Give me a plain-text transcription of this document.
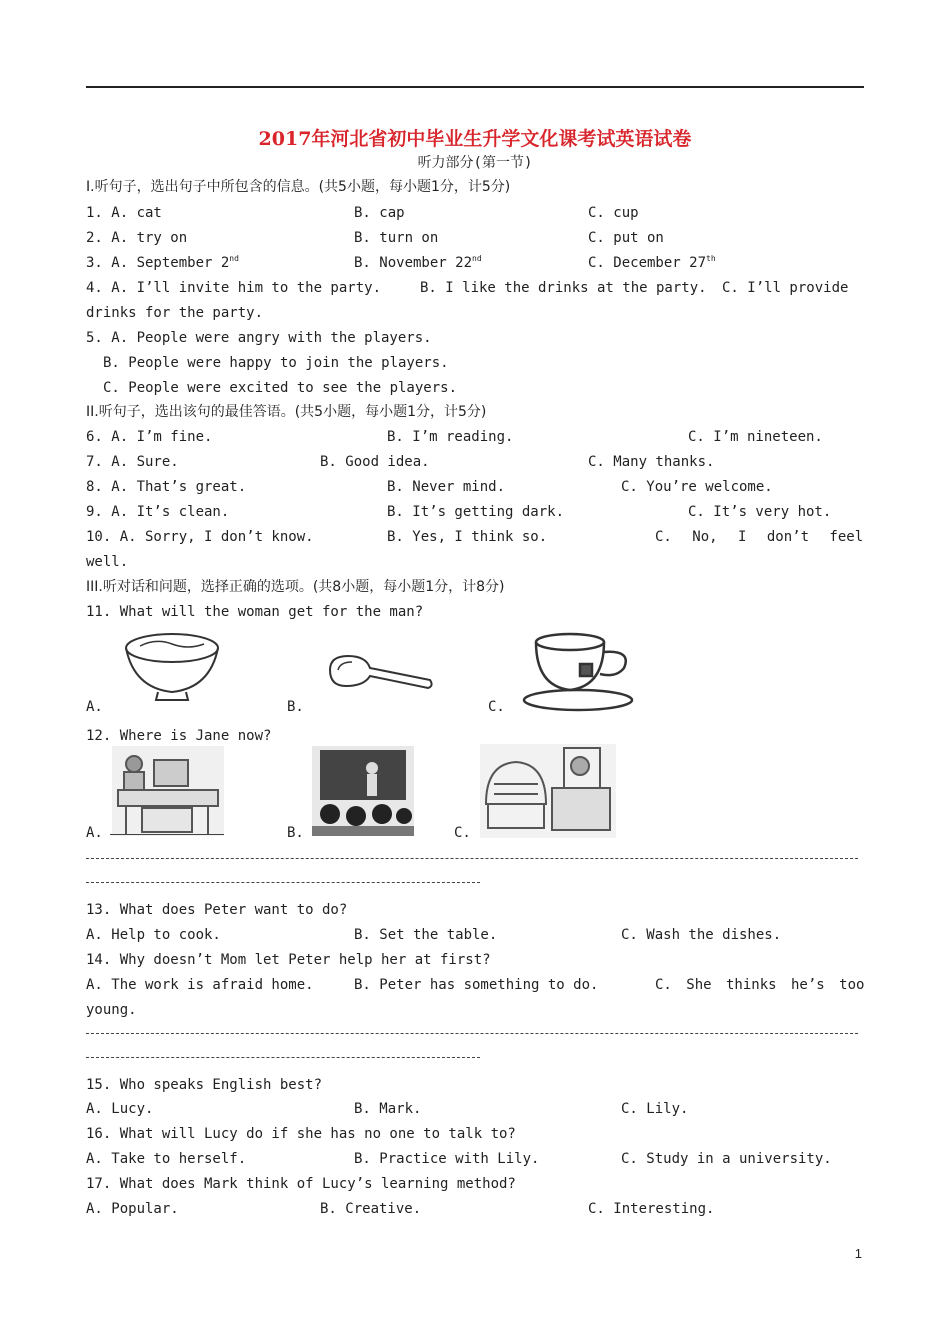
2017年河北省初中毕业生升学文化课考试英语试卷
听力部分(第一节)
I.听句子，选出句子中所包含的信息。(共5小题，每小题1分，计5分)
1. A. cat	B. cap	C. cup
2. A. try on	B. turn on	C. put on
3. A. September 2nd	B. November 22nd	C. December 27th
4. A. I’ll invite him to the party.	B. I like the drinks at the party. C. I’ll provide
drinks for the party.
5. A. People were angry with the players.
B. People were happy to join the players.
C. People were excited to see the players.
II.听句子，选出该句的最佳答语。(共5小题，每小题1分，计5分)
6. A. I’m fine.	B. I’m reading.	C. I’m nineteen.
7. A. Sure.	B. Good idea.	C. Many thanks.
8. A. That’s great.	B. Never mind.	C. You’re welcome.
9. A. It’s clean.	B. It’s getting dark.	C. It’s very hot.
10. A. Sorry, I don’t know.	B. Yes, I think so.	C. No, I don’t feel
well.
III.听对话和问题，选择正确的选项。(共8小题，每小题1分，计8分)
11. What will the woman get for the man?
A.	B.	C.
12. Where is Jane now?
A.	B.	C.
13. What does Peter want to do?
A. Help to cook.	B. Set the table.	C. Wash the dishes.
14. Why doesn’t Mom let Peter help her at first?
A. The work is afraid home.	B. Peter has something to do.	C. She thinks he’s too
young.
15. Who speaks English best?
A. Lucy.	B. Mark.	C. Lily.
16. What will Lucy do if she has no one to talk to?
A. Take to herself.	B. Practice with Lily.	C. Study in a university.
17. What does Mark think of Lucy’s learning method?
A. Popular.	B. Creative.	C. Interesting.
1
